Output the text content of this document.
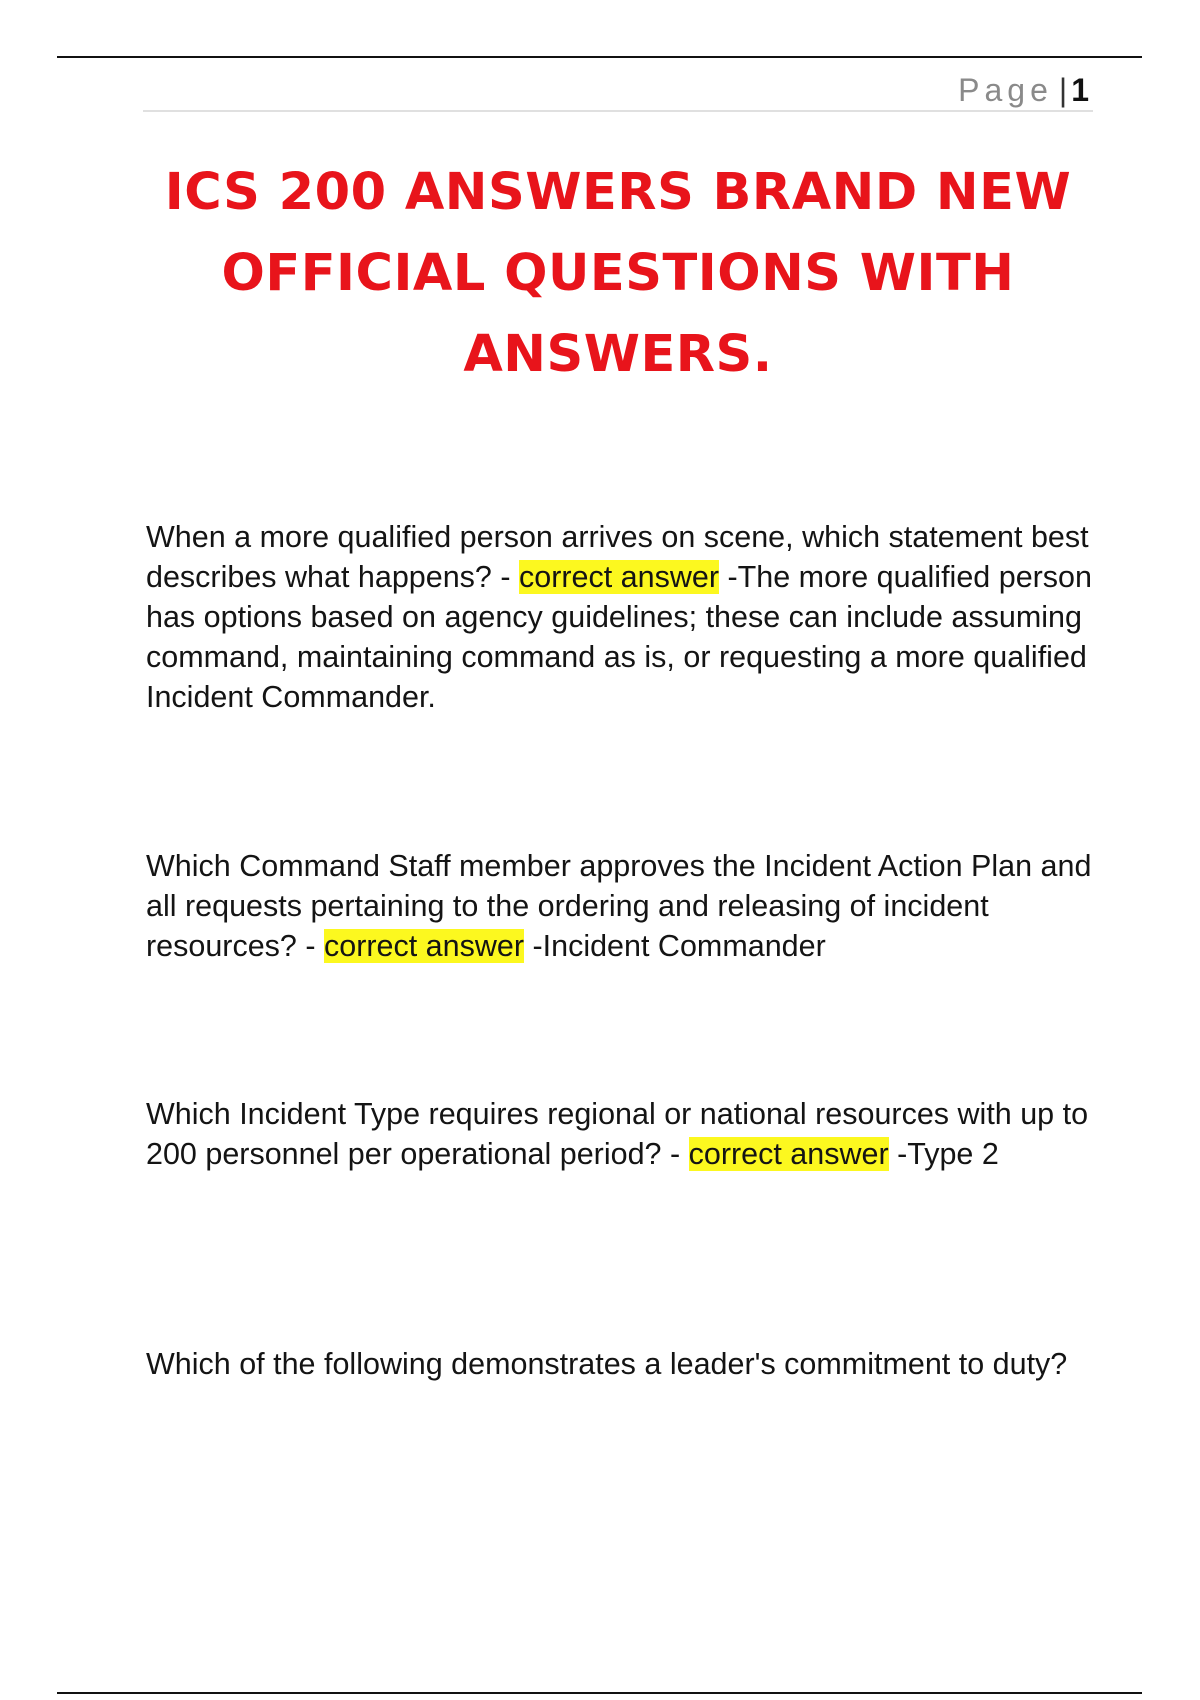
Page | 1
ICS 200 ANSWERS BRAND NEW OFFICIAL QUESTIONS WITH ANSWERS.

When a more qualified person arrives on scene, which statement best describes what happens? - correct answer -The more qualified person has options based on agency guidelines; these can include assuming command, maintaining command as is, or requesting a more qualified Incident Commander.

Which Command Staff member approves the Incident Action Plan and all requests pertaining to the ordering and releasing of incident resources? - correct answer -Incident Commander

Which Incident Type requires regional or national resources with up to 200 personnel per operational period? - correct answer -Type 2

Which of the following demonstrates a leader's commitment to duty?
